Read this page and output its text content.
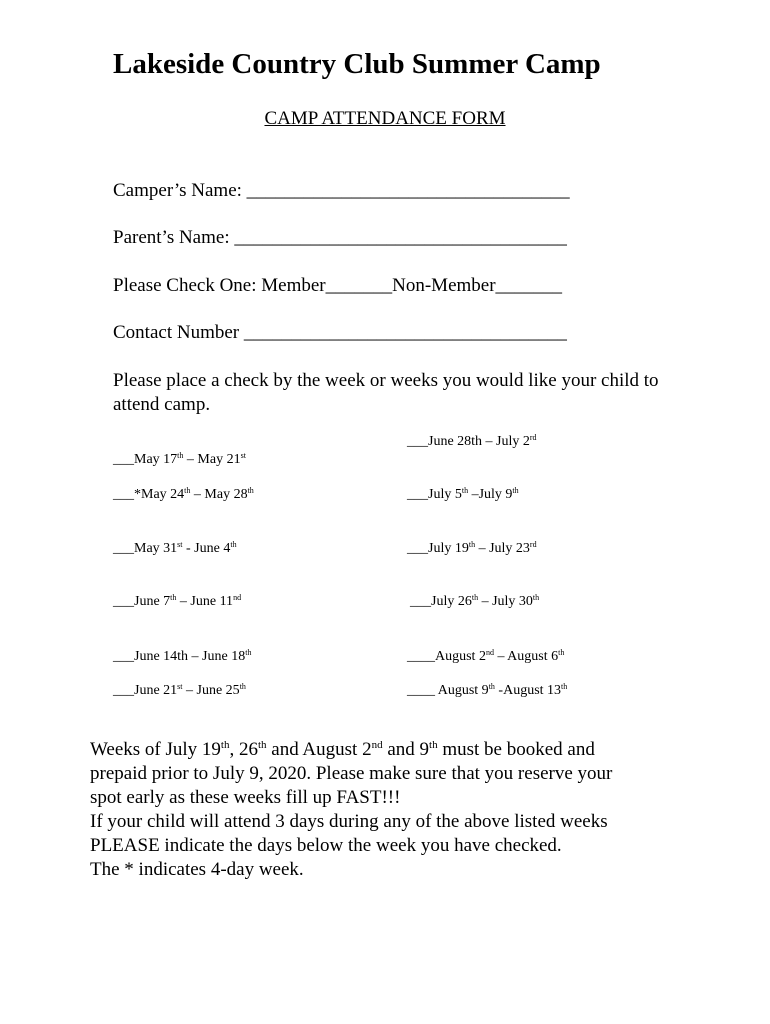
Lakeside Country Club Summer Camp
CAMP ATTENDANCE FORM
Camper’s Name: __________________________________
Parent’s Name: ___________________________________
Please Check One: Member_______Non-Member_______
Contact Number __________________________________
Please place a check by the week or weeks you would like your child to attend camp.
___May 17th – May 21st
___*May 24th – May 28th
___May 31st - June 4th
___June 7th – June 11nd
___June 14th – June 18th
___June 21st – June 25th
___June 28th – July 2rd
___July 5th –July 9th
___July 19th – July 23rd
___July 26th – July 30th
____August 2nd – August 6th
____ August 9th -August 13th
Weeks of July 19th, 26th and August 2nd and 9th must be booked and
prepaid prior to July 9, 2020. Please make sure that you reserve your
spot early as these weeks fill up FAST!!!
If your child will attend 3 days during any of the above listed weeks
PLEASE indicate the days below the week you have checked.
The * indicates 4-day week.
